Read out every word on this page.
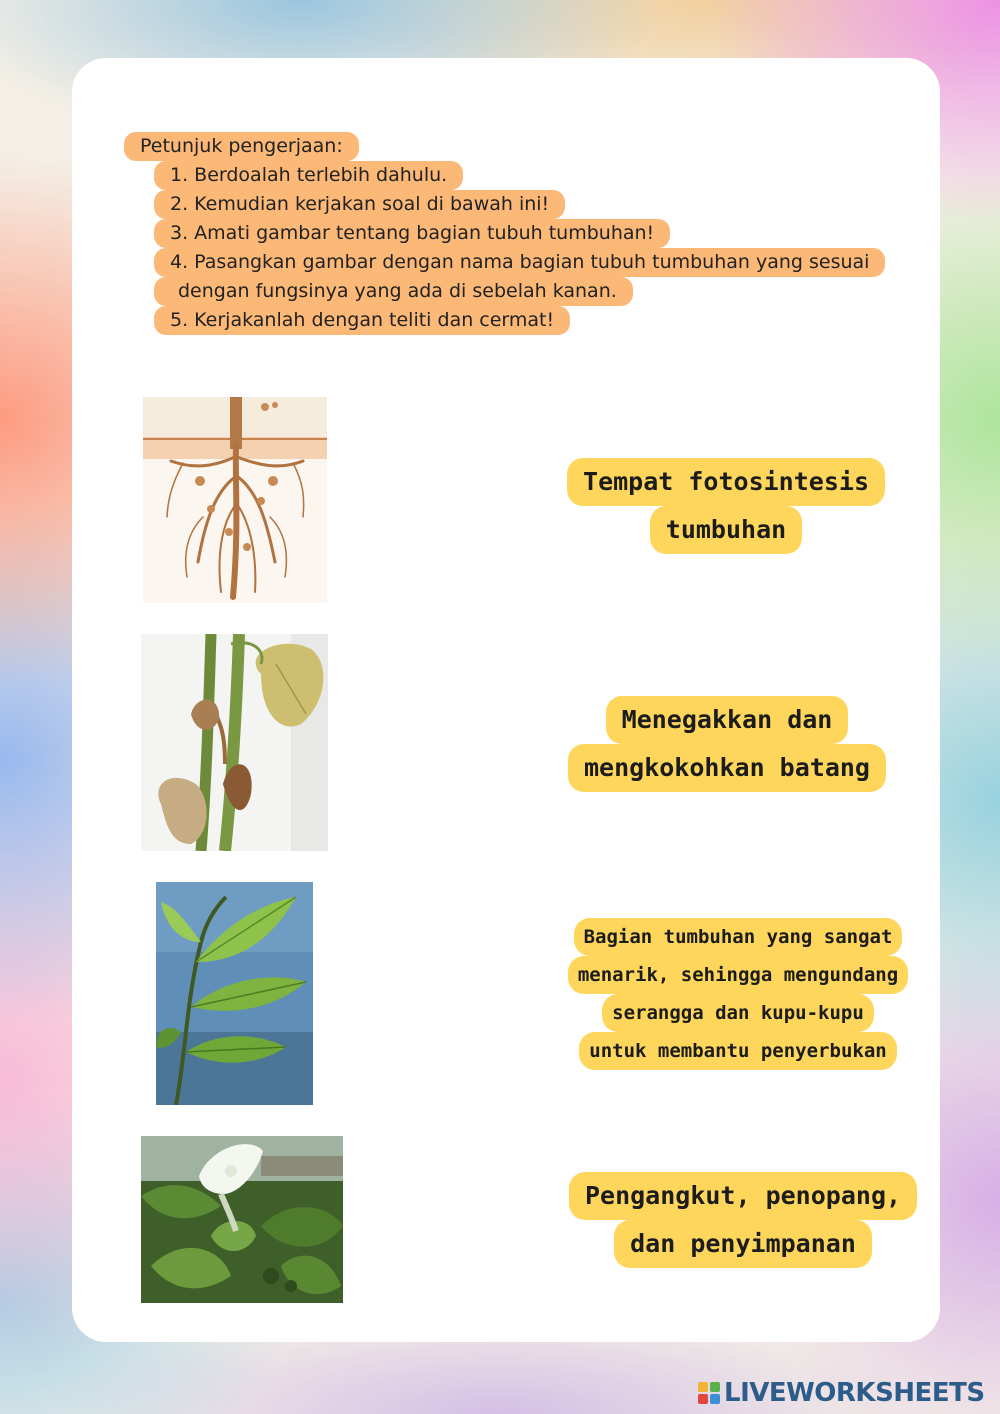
Petunjuk pengerjaan:
1. Berdoalah terlebih dahulu.
2. Kemudian kerjakan soal di bawah ini!
3. Amati gambar tentang bagian tubuh tumbuhan!
4. Pasangkan gambar dengan nama bagian tubuh tumbuhan yang sesuai
dengan fungsinya yang ada di sebelah kanan.
5. Kerjakanlah dengan teliti dan cermat!
Tempat fotosintesis
tumbuhan
Menegakkan dan
mengkokohkan batang
Bagian tumbuhan yang sangat
menarik, sehingga mengundang
serangga dan kupu-kupu
untuk membantu penyerbukan
Pengangkut, penopang,
dan penyimpanan
LIVEWORKSHEETS
